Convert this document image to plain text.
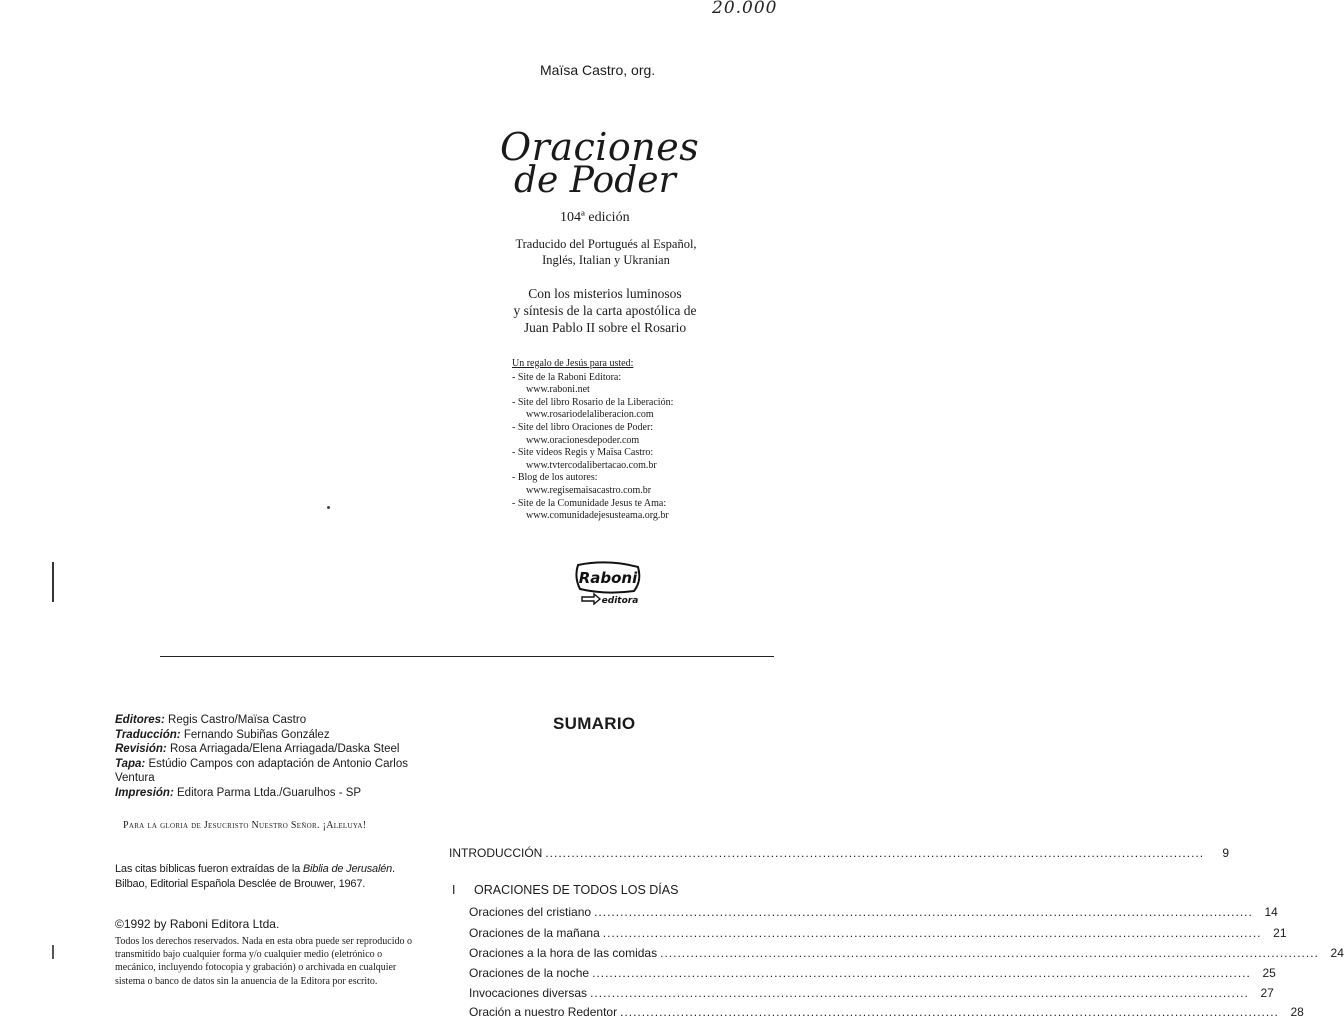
20.000
Maïsa Castro, org.
Oraciones
de Poder
104ª edición
Traducido del Portugués al Español,
Inglés, Italian y Ukranian
Con los misterios luminosos
y síntesis de la carta apostólica de
Juan Pablo II sobre el Rosario
Un regalo de Jesús para usted:
- Site de la Raboni Editora:
www.raboni.net
- Site del libro Rosario de la Liberación:
www.rosariodelaliberacion.com
- Site del libro Oraciones de Poder:
www.oracionesdepoder.com
- Site videos Regis y Maïsa Castro:
www.tvtercodalibertacao.com.br
- Blog de los autores:
www.regisemaisacastro.com.br
- Site de la Comunidade Jesus te Ama:
www.comunidadejesusteama.org.br
Raboni
editora
Editores: Regis Castro/Maïsa Castro
Traducción: Fernando Subiñas González
Revisión: Rosa Arriagada/Elena Arriagada/Daska Steel
Tapa: Estúdio Campos con adaptación de Antonio Carlos Ventura
Impresión: Editora Parma Ltda./Guarulhos - SP
Para la gloria de Jesucristo Nuestro Señor. ¡Aleluya!
Las citas bíblicas fueron extraídas de la Biblia de Jerusalén. Bilbao, Editorial Española Desclée de Brouwer, 1967.
©1992 by Raboni Editora Ltda.
Todos los derechos reservados. Nada en esta obra puede ser reproducido o transmitido bajo cualquier forma y/o cualquier medio (eletrónico o mecánico, incluyendo fotocopia y grabación) o archivada en cualquier sistema o banco de datos sin la anuencia de la Editora por escrito.
SUMARIO
INTRODUCCIÓN .....	9
I	ORACIONES DE TODOS LOS DÍAS
Oraciones del cristiano .....	14
Oraciones de la mañana .....	21
Oraciones a la hora de las comidas .....	24
Oraciones de la noche .....	25
Invocaciones diversas .....	27
Oración a nuestro Redentor .....	28
